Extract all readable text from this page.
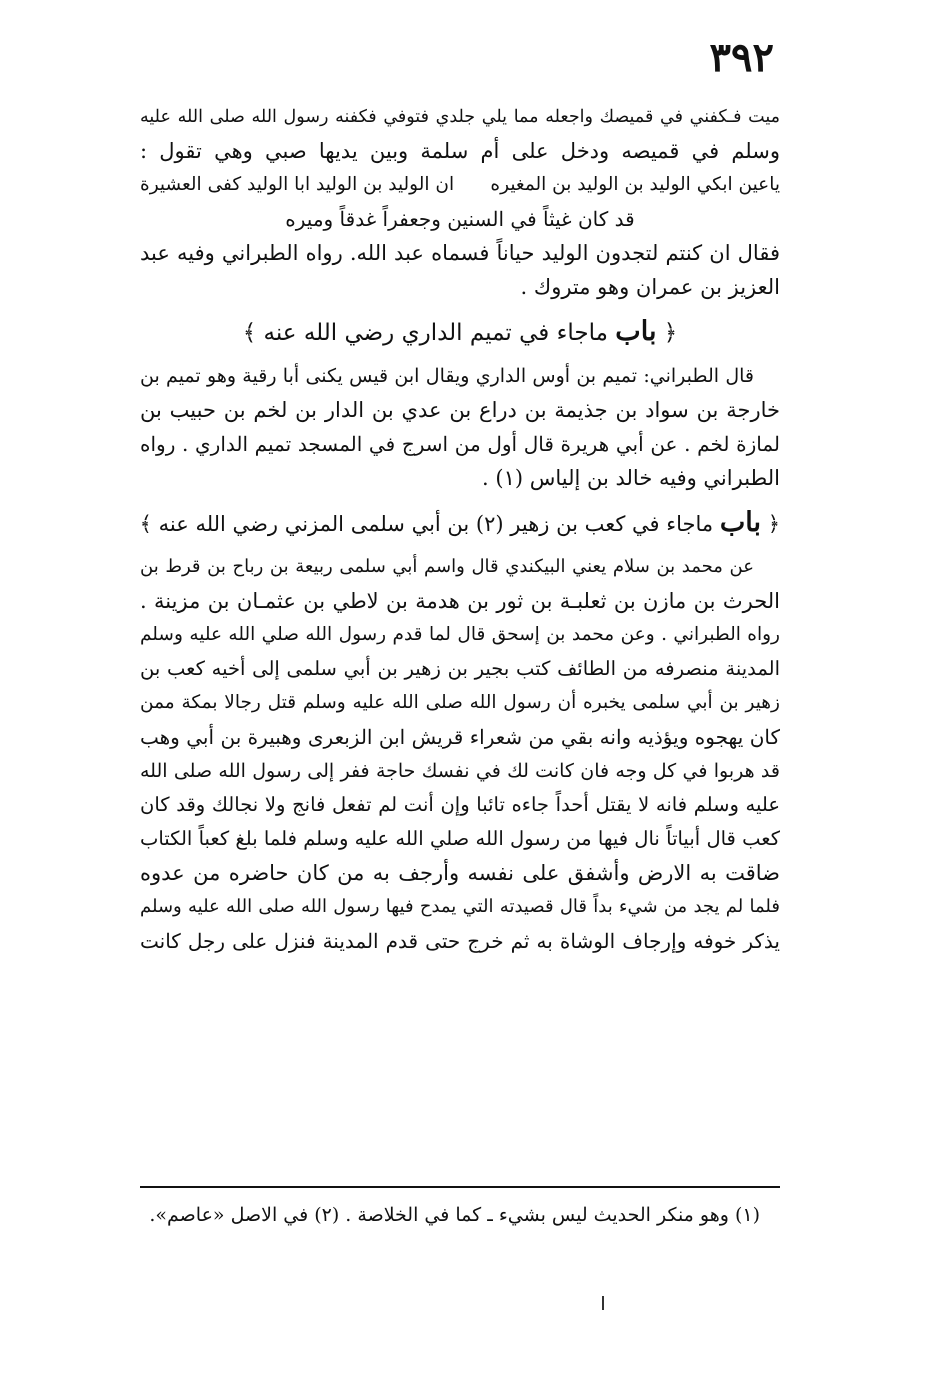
٣٩٢
ميت فـكفني في قميصك واجعله مما يلي جلدي فتوفي فكفنه رسول الله صلى الله عليه
وسلم في قميصه ودخل على أم سلمة وبين يديها صبي وهي تقول :
ياعين ابكي الوليد بن الوليد بن المغيره
ان الوليد بن الوليد ابا الوليد كفى العشيرة
قد كان غيثاً في السنين وجعفراً غدقاً وميره
فقال ان كنتم لتجدون الوليد حياناً فسماه عبد الله. رواه الطبراني وفيه عبد
العزيز بن عمران وهو متروك .
﴿ باب ماجاء في تميم الداري رضي الله عنه ﴾
قال الطبراني: تميم بن أوس الداري ويقال ابن قيس يكنى أبا رقية وهو تميم بن
خارجة بن سواد بن جذيمة بن دراع بن عدي بن الدار بن لخم بن حبيب بن
لمازة لخم . عن أبي هريرة قال أول من اسرج في المسجد تميم الداري . رواه
الطبراني وفيه خالد بن إلياس (١) .
﴿ باب ماجاء في كعب بن زهير (٢) بن أبي سلمى المزني رضي الله عنه ﴾
عن محمد بن سلام يعني البيكندي قال واسم أبي سلمى ربيعة بن رباح بن قرط بن
الحرث بن مازن بن ثعلبـة بن ثور بن هدمة بن لاطي بن عثمـان بن مزينة .
رواه الطبراني . وعن محمد بن إسحق قال لما قدم رسول الله صلي الله عليه وسلم
المدينة منصرفه من الطائف كتب بجير بن زهير بن أبي سلمى إلى أخيه كعب بن
زهير بن أبي سلمى يخبره أن رسول الله صلى الله عليه وسلم قتل رجالا بمكة ممن
كان يهجوه ويؤذيه وانه بقي من شعراء قريش ابن الزبعرى وهبيرة بن أبي وهب
قد هربوا في كل وجه فان كانت لك في نفسك حاجة ففر إلى رسول الله صلى الله
عليه وسلم فانه لا يقتل أحداً جاءه تائبا وإن أنت لم تفعل فانج ولا نجالك وقد كان
كعب قال أبياتاً نال فيها من رسول الله صلي الله عليه وسلم فلما بلغ كعباً الكتاب
ضاقت به الارض وأشفق على نفسه وأرجف به من كان حاضره من عدوه
فلما لم يجد من شيء بداً قال قصيدته التي يمدح فيها رسول الله صلى الله عليه وسلم
يذكر خوفه وإرجاف الوشاة به ثم خرج حتى قدم المدينة فنزل على رجل كانت
(١) وهو منكر الحديث ليس بشيء ـ كما في الخلاصة . (٢) في الاصل «عاصم».
